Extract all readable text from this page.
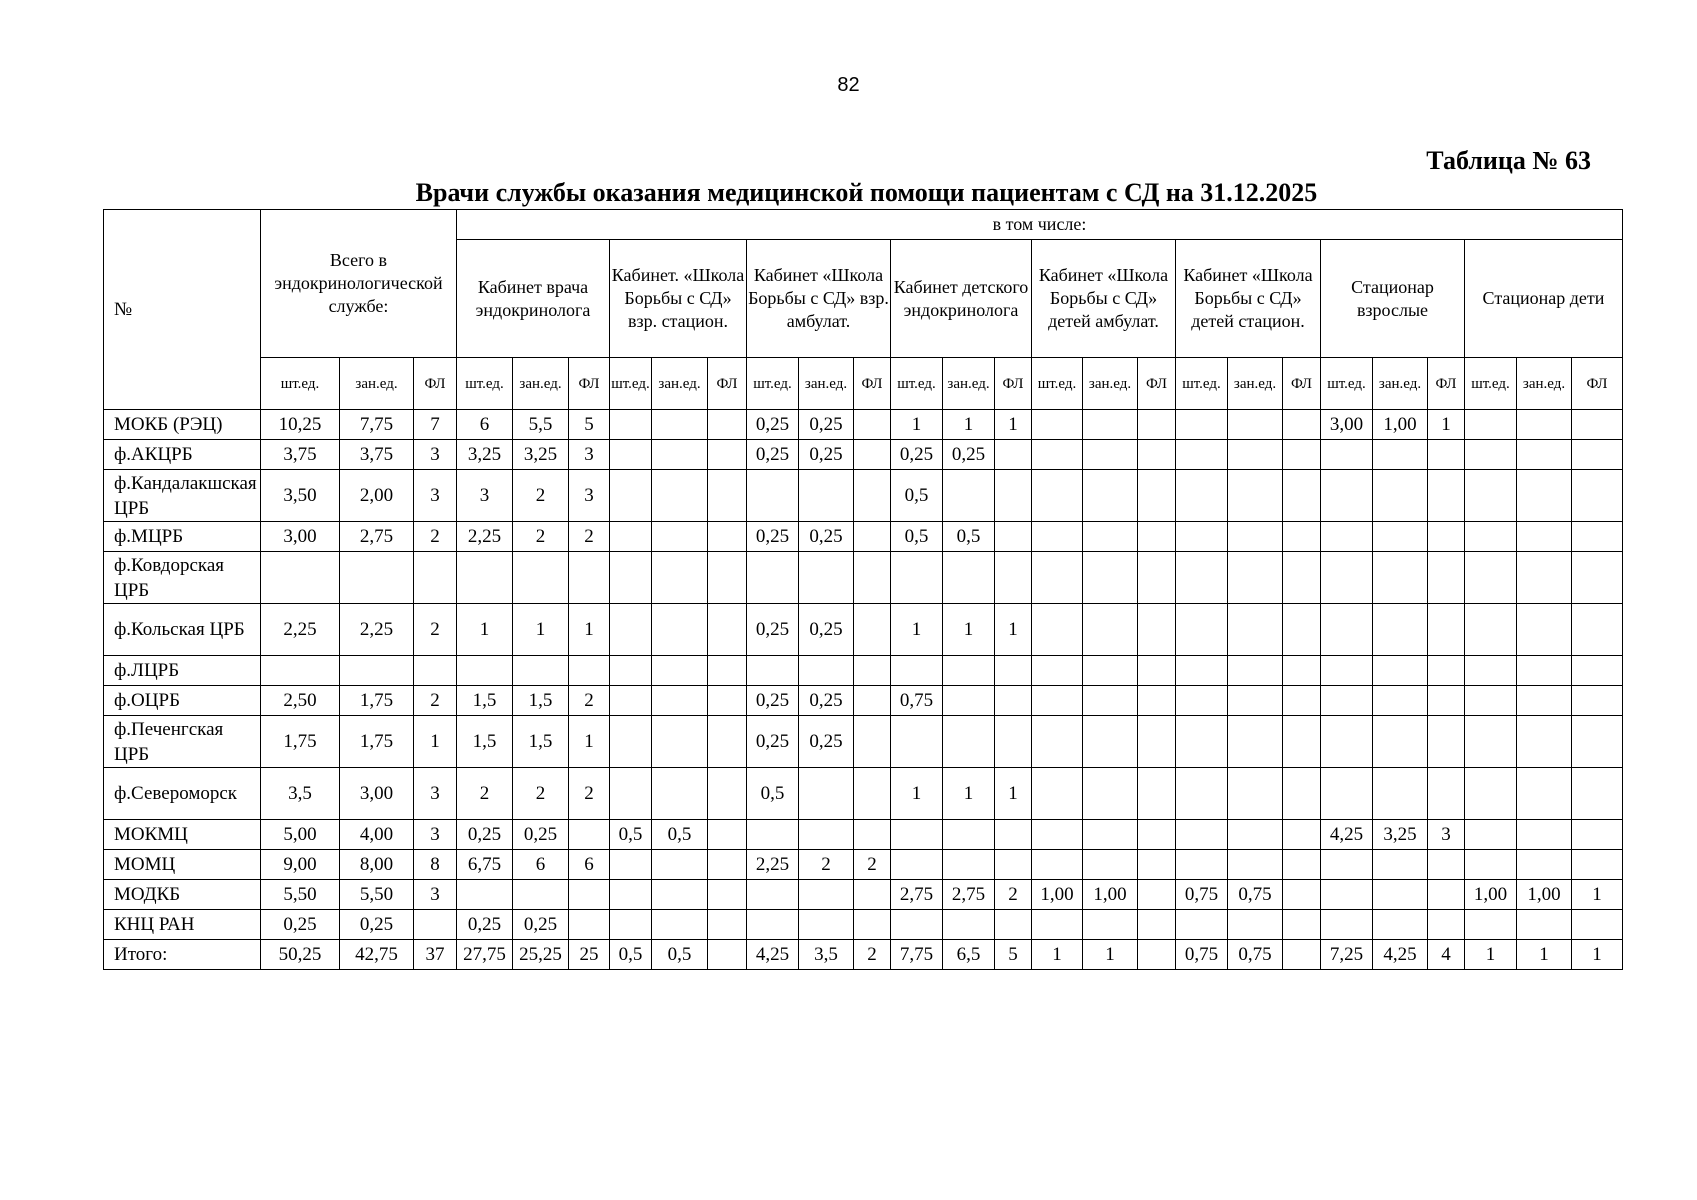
82
Таблица № 63
Врачи службы оказания медицинской помощи пациентам с СД на 31.12.2025
№	Всего в эндокринологической службе:			в том числе:																							
				Кабинет врача эндокринолога			Кабинет. «Школа Борьбы с СД» взр. стацион.			Кабинет «Школа Борьбы с СД» взр. амбулат.			Кабинет детского эндокринолога			Кабинет «Школа Борьбы с СД» детей амбулат.			Кабинет «Школа Борьбы с СД» детей стацион.			Стационар взрослые			Стационар дети		
	шт.ед.	зан.ед.	ФЛ	шт.ед.	зан.ед.	ФЛ	шт.ед.	зан.ед.	ФЛ	шт.ед.	зан.ед.	ФЛ	шт.ед.	зан.ед.	ФЛ	шт.ед.	зан.ед.	ФЛ	шт.ед.	зан.ед.	ФЛ	шт.ед.	зан.ед.	ФЛ	шт.ед.	зан.ед.	ФЛ
МОКБ (РЭЦ)	10,25	7,75	7	6	5,5	5				0,25	0,25		1	1	1							3,00	1,00	1			
ф.АКЦРБ	3,75	3,75	3	3,25	3,25	3				0,25	0,25		0,25	0,25													
ф.Кандалакшская ЦРБ	3,50	2,00	3	3	2	3							0,5														
ф.МЦРБ	3,00	2,75	2	2,25	2	2				0,25	0,25		0,5	0,5													
ф.Ковдорская ЦРБ																											
ф.Кольская ЦРБ	2,25	2,25	2	1	1	1				0,25	0,25		1	1	1												
ф.ЛЦРБ																											
ф.ОЦРБ	2,50	1,75	2	1,5	1,5	2				0,25	0,25		0,75														
ф.Печенгская ЦРБ	1,75	1,75	1	1,5	1,5	1				0,25	0,25																
ф.Североморск	3,5	3,00	3	2	2	2				0,5			1	1	1												
МОКМЦ	5,00	4,00	3	0,25	0,25		0,5	0,5														4,25	3,25	3			
МОМЦ	9,00	8,00	8	6,75	6	6				2,25	2	2															
МОДКБ	5,50	5,50	3										2,75	2,75	2	1,00	1,00		0,75	0,75					1,00	1,00	1
КНЦ РАН	0,25	0,25		0,25	0,25																						
Итого:	50,25	42,75	37	27,75	25,25	25	0,5	0,5		4,25	3,5	2	7,75	6,5	5	1	1		0,75	0,75		7,25	4,25	4	1	1	1
